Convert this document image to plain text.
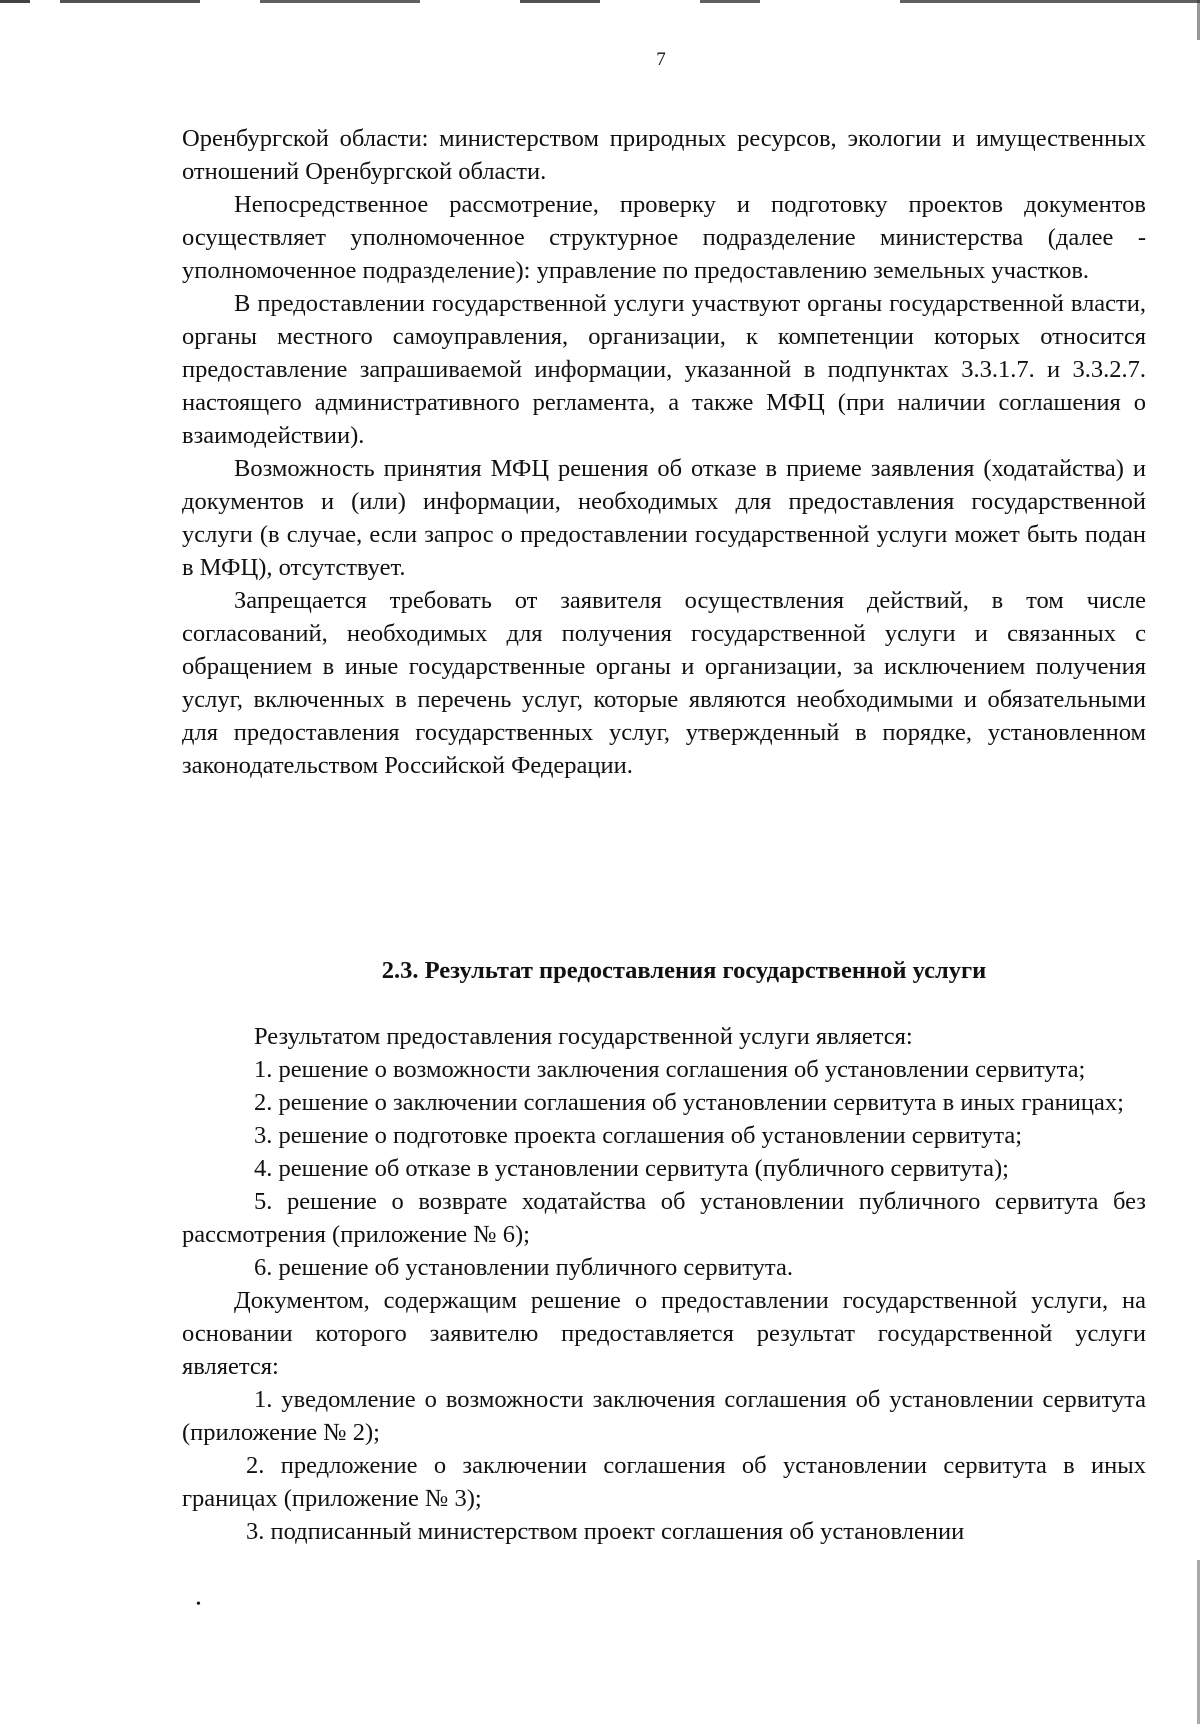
7

Оренбургской области: министерством природных ресурсов, экологии и имущественных отношений Оренбургской области.

Непосредственное рассмотрение, проверку и подготовку проектов документов осуществляет уполномоченное структурное подразделение министерства (далее - уполномоченное подразделение): управление по предоставлению земельных участков.

В предоставлении государственной услуги участвуют органы государственной власти, органы местного самоуправления, организации, к компетенции которых относится предоставление запрашиваемой информации, указанной в подпунктах 3.3.1.7. и 3.3.2.7. настоящего административного регламента, а также МФЦ (при наличии соглашения о взаимодействии).

Возможность принятия МФЦ решения об отказе в приеме заявления (ходатайства) и документов и (или) информации, необходимых для предоставления государственной услуги (в случае, если запрос о предоставлении государственной услуги может быть подан в МФЦ), отсутствует.

Запрещается требовать от заявителя осуществления действий, в том числе согласований, необходимых для получения государственной услуги и связанных с обращением в иные государственные органы и организации, за исключением получения услуг, включенных в перечень услуг, которые являются необходимыми и обязательными для предоставления государственных услуг, утвержденный в порядке, установленном законодательством Российской Федерации.

2.3. Результат предоставления государственной услуги

Результатом предоставления государственной услуги является:

1. решение о возможности заключения соглашения об установлении сервитута;

2. решение о заключении соглашения об установлении сервитута в иных границах;

3. решение о подготовке проекта соглашения об установлении сервитута;

4. решение об отказе в установлении сервитута (публичного сервитута);

5. решение о возврате ходатайства об установлении публичного сервитута без рассмотрения (приложение № 6);

6. решение об установлении публичного сервитута.

Документом, содержащим решение о предоставлении государственной услуги, на основании которого заявителю предоставляется результат государственной услуги является:

1. уведомление о возможности заключения соглашения об установлении сервитута (приложение № 2);

2. предложение о заключении соглашения об установлении сервитута в иных границах (приложение № 3);

3. подписанный министерством проект соглашения об установлении

•
